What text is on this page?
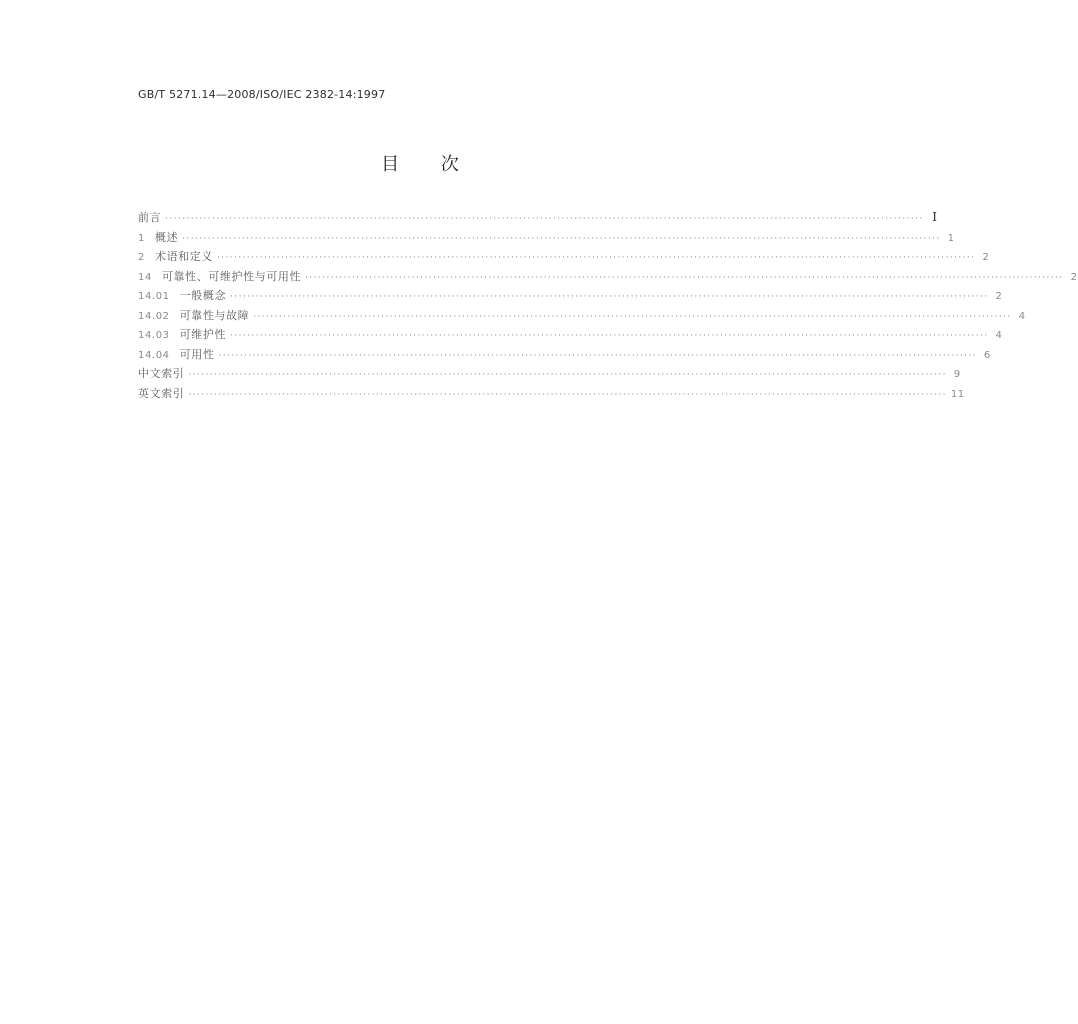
GB/T 5271.14—2008/ISO/IEC 2382-14:1997
目 次
前言 ·················································································································································································· Ⅰ
1 概述 ·················································································································································································· 1
2 术语和定义 ·················································································································································································· 2
14 可靠性、可维护性与可用性 ·················································································································································································· 2
14.01 一般概念 ·················································································································································································· 2
14.02 可靠性与故障 ·················································································································································································· 4
14.03 可维护性 ·················································································································································································· 4
14.04 可用性 ·················································································································································································· 6
中文索引 ·················································································································································································· 9
英文索引 ·················································································································································································· 11
